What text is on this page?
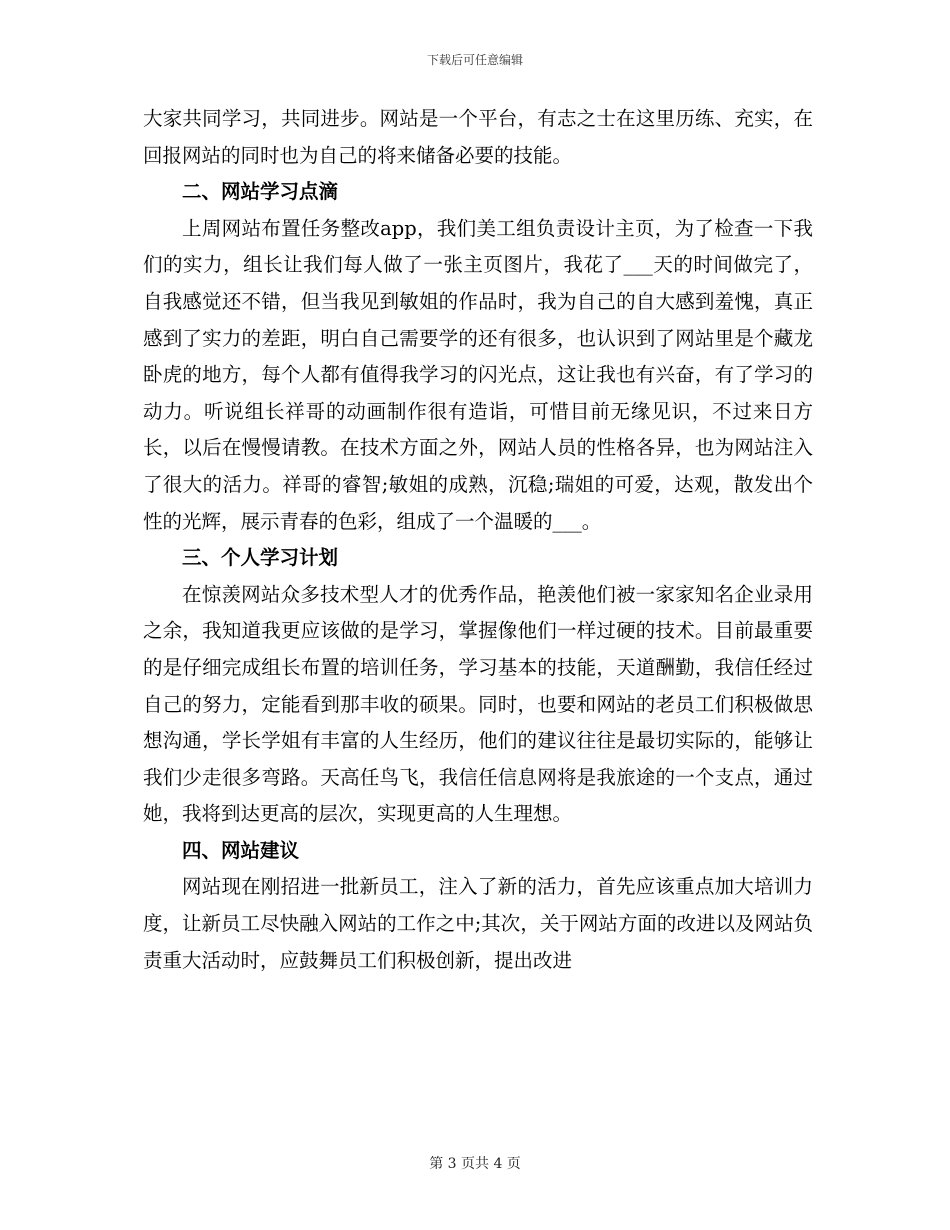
下载后可任意编辑

大家共同学习，共同进步。网站是一个平台，有志之士在这里历练、充实，在回报网站的同时也为自己的将来储备必要的技能。

二、网站学习点滴

上周网站布置任务整改app，我们美工组负责设计主页，为了检查一下我们的实力，组长让我们每人做了一张主页图片，我花了___天的时间做完了，自我感觉还不错，但当我见到敏姐的作品时，我为自己的自大感到羞愧，真正感到了实力的差距，明白自己需要学的还有很多，也认识到了网站里是个藏龙卧虎的地方，每个人都有值得我学习的闪光点，这让我也有兴奋，有了学习的动力。听说组长祥哥的动画制作很有造诣，可惜目前无缘见识，不过来日方长，以后在慢慢请教。在技术方面之外，网站人员的性格各异，也为网站注入了很大的活力。祥哥的睿智;敏姐的成熟，沉稳;瑞姐的可爱，达观，散发出个性的光辉，展示青春的色彩，组成了一个温暖的___。

三、个人学习计划

在惊羡网站众多技术型人才的优秀作品，艳羡他们被一家家知名企业录用之余，我知道我更应该做的是学习，掌握像他们一样过硬的技术。目前最重要的是仔细完成组长布置的培训任务，学习基本的技能，天道酬勤，我信任经过自己的努力，定能看到那丰收的硕果。同时，也要和网站的老员工们积极做思想沟通，学长学姐有丰富的人生经历，他们的建议往往是最切实际的，能够让我们少走很多弯路。天高任鸟飞，我信任信息网将是我旅途的一个支点，通过她，我将到达更高的层次，实现更高的人生理想。

四、网站建议

网站现在刚招进一批新员工，注入了新的活力，首先应该重点加大培训力度，让新员工尽快融入网站的工作之中;其次，关于网站方面的改进以及网站负责重大活动时，应鼓舞员工们积极创新，提出改进

第 3 页共 4 页
